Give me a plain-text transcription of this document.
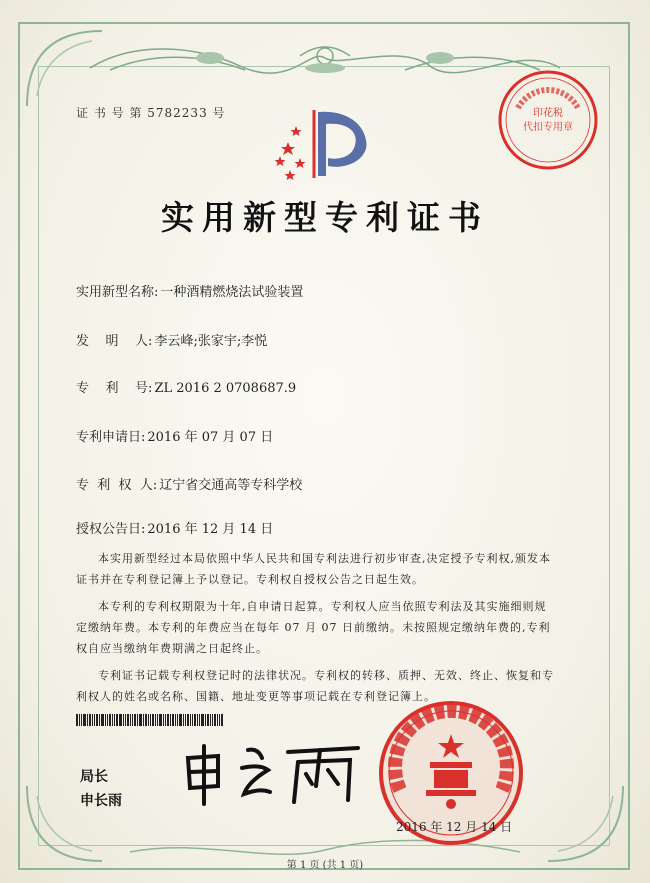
证 书 号 第 5782233 号	印花税
代扣专用章
实用新型专利证书
实用新型名称: 一种酒精燃烧法试验装置
发    明    人: 李云峰;张家宇;李悦
专    利    号: ZL 2016 2 0708687.9
专利申请日: 2016 年 07 月 07 日
专  利  权  人: 辽宁省交通高等专科学校
授权公告日: 2016 年 12 月 14 日

本实用新型经过本局依照中华人民共和国专利法进行初步审查,决定授予专利权,颁发本证书并在专利登记簿上予以登记。专利权自授权公告之日起生效。

本专利的专利权期限为十年,自申请日起算。专利权人应当依照专利法及其实施细则规定缴纳年费。本专利的年费应当在每年 07 月 07 日前缴纳。未按照规定缴纳年费的,专利权自应当缴纳年费期满之日起终止。

专利证书记载专利权登记时的法律状况。专利权的转移、质押、无效、终止、恢复和专利权人的姓名或名称、国籍、地址变更等事项记载在专利登记簿上。

局长
申长雨
2016 年 12 月 14 日
第 1 页 (共 1 页)
